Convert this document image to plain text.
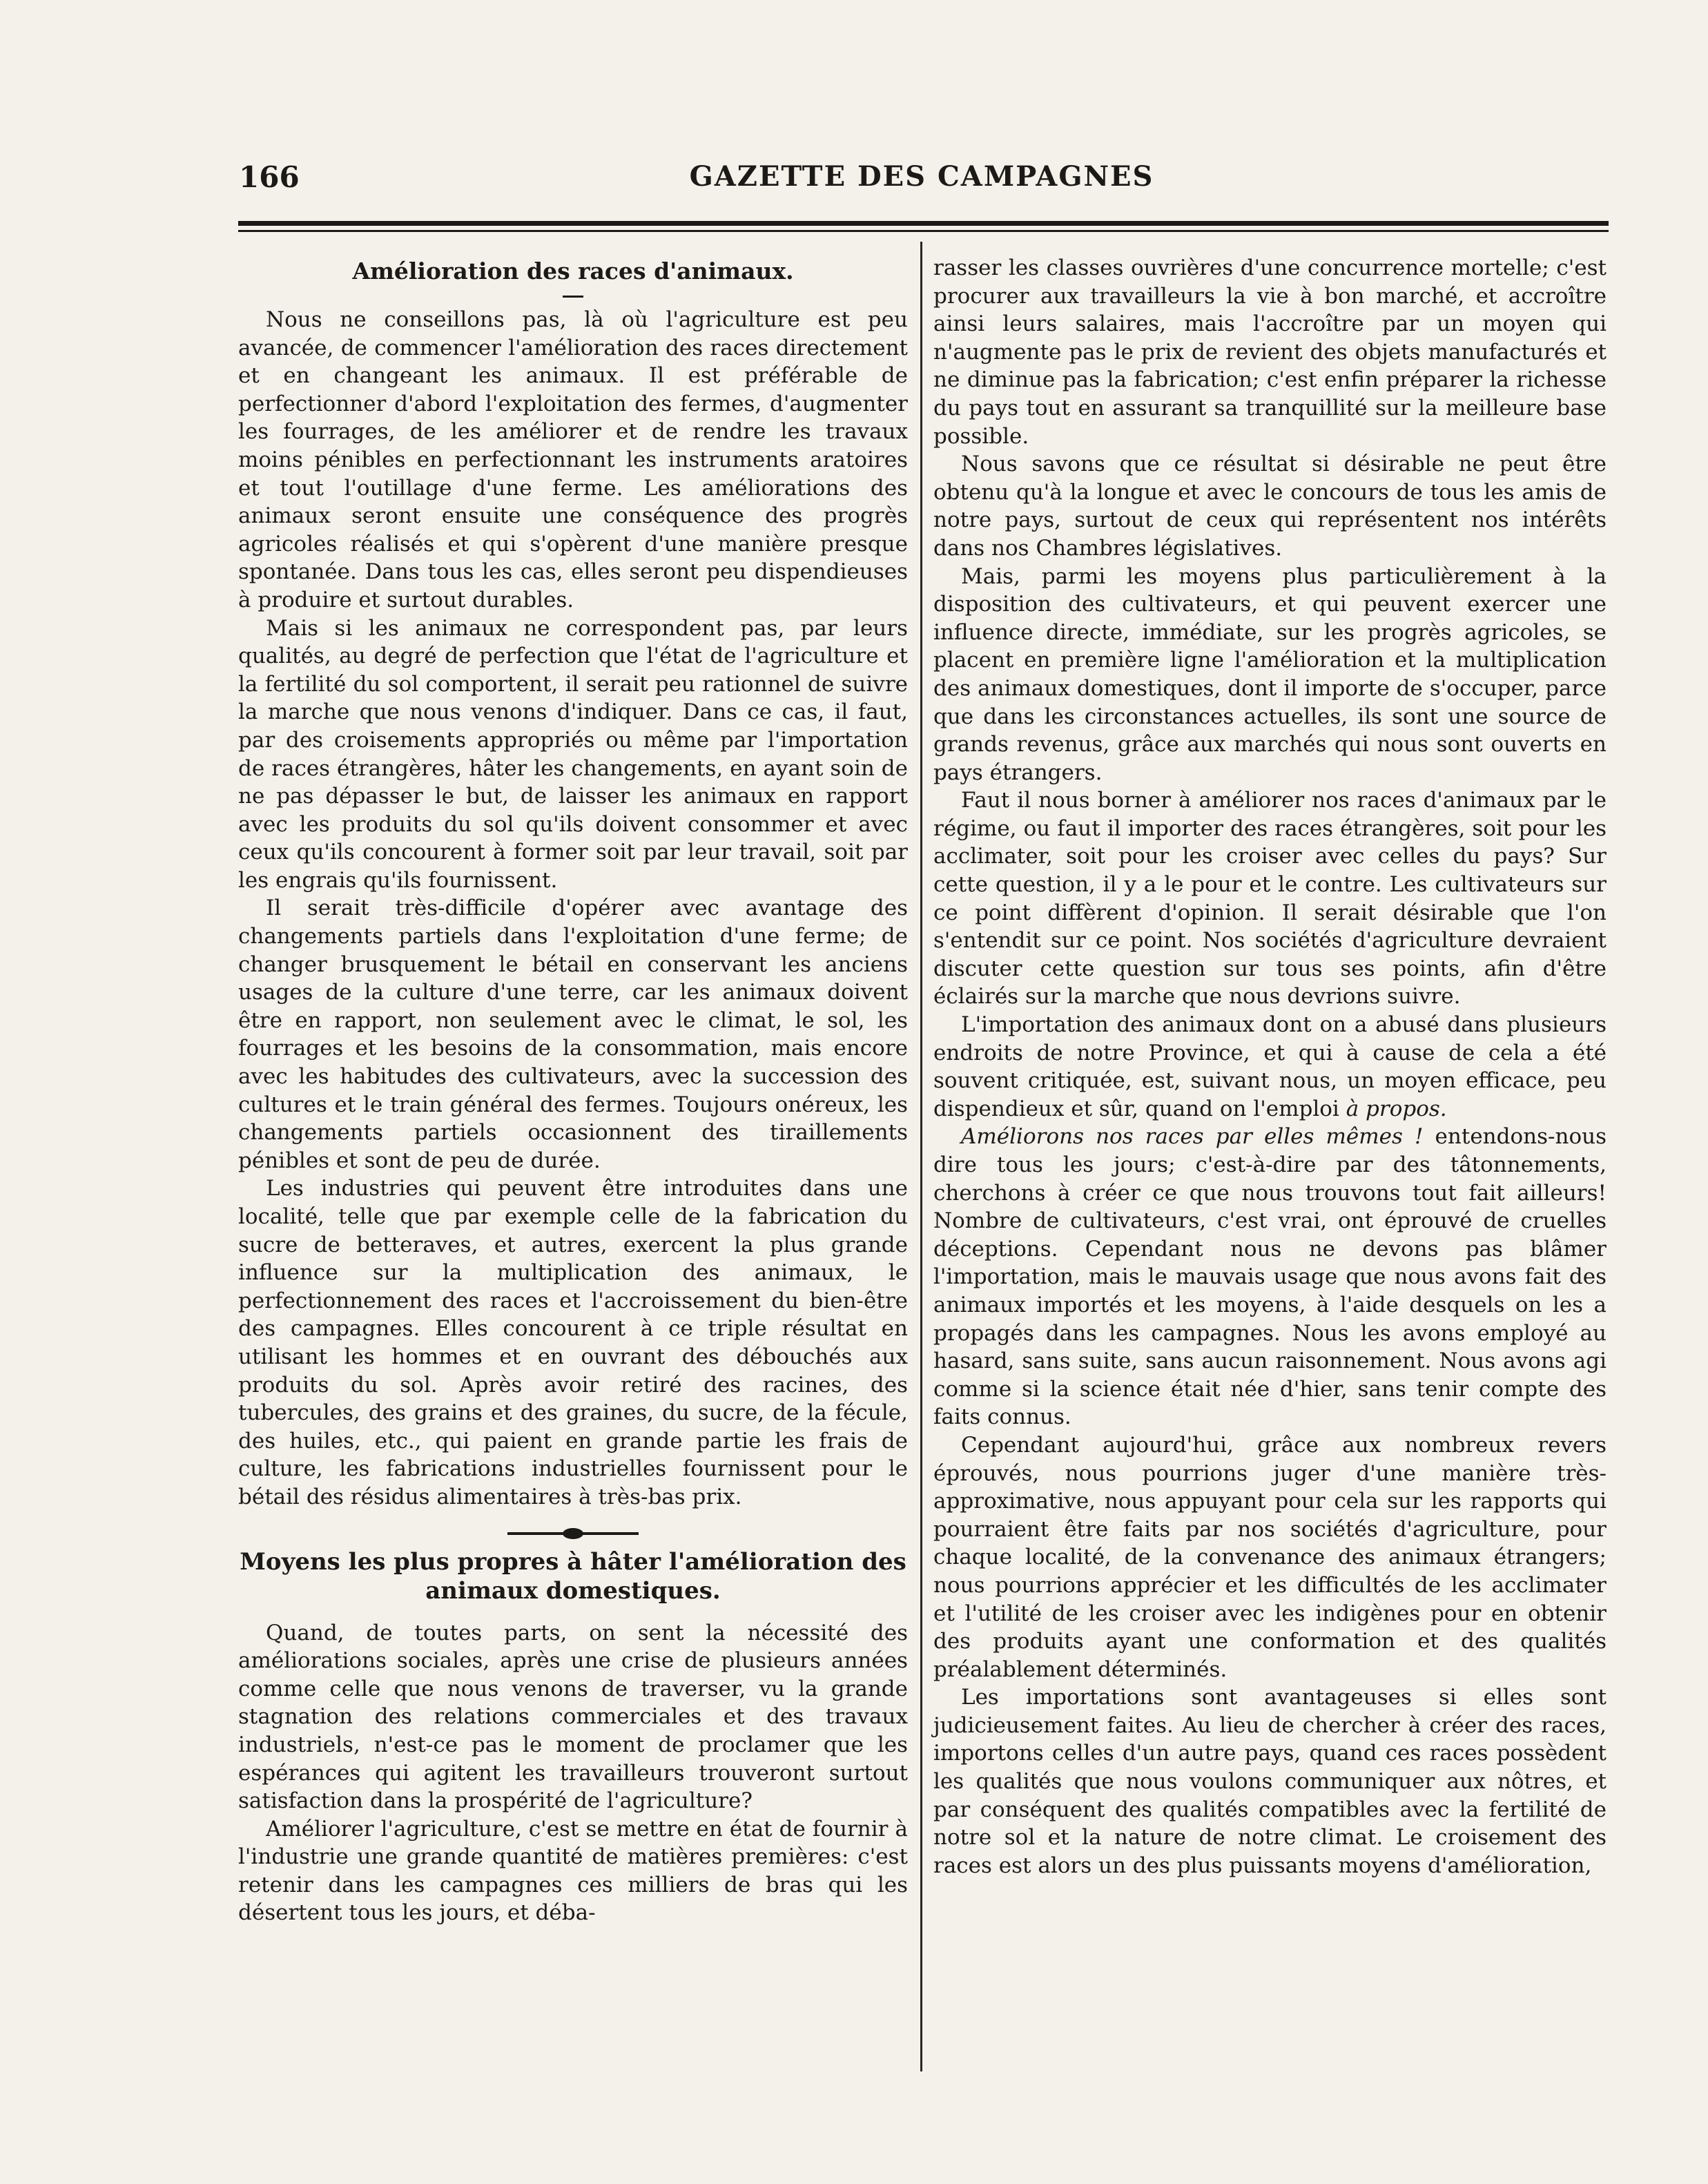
166	GAZETTE DES CAMPAGNES
Amélioration des races d'animaux.

Nous ne conseillons pas, là où l'agriculture est peu avancée, de commencer l'amélioration des races directement et en changeant les animaux. Il est préférable de perfectionner d'abord l'exploitation des fermes, d'augmenter les fourrages, de les améliorer et de rendre les travaux moins pénibles en perfectionnant les instruments aratoires et tout l'outillage d'une ferme. Les améliorations des animaux seront ensuite une conséquence des progrès agricoles réalisés et qui s'opèrent d'une manière presque spontanée. Dans tous les cas, elles seront peu dispendieuses à produire et surtout durables.

Mais si les animaux ne correspondent pas, par leurs qualités, au degré de perfection que l'état de l'agriculture et la fertilité du sol comportent, il serait peu rationnel de suivre la marche que nous venons d'indiquer. Dans ce cas, il faut, par des croisements appropriés ou même par l'importation de races étrangères, hâter les changements, en ayant soin de ne pas dépasser le but, de laisser les animaux en rapport avec les produits du sol qu'ils doivent consommer et avec ceux qu'ils concourent à former soit par leur travail, soit par les engrais qu'ils fournissent.

Il serait très-difficile d'opérer avec avantage des changements partiels dans l'exploitation d'une ferme; de changer brusquement le bétail en conservant les anciens usages de la culture d'une terre, car les animaux doivent être en rapport, non seulement avec le climat, le sol, les fourrages et les besoins de la consommation, mais encore avec les habitudes des cultivateurs, avec la succession des cultures et le train général des fermes. Toujours onéreux, les changements partiels occasionnent des tiraillements pénibles et sont de peu de durée.

Les industries qui peuvent être introduites dans une localité, telle que par exemple celle de la fabrication du sucre de betteraves, et autres, exercent la plus grande influence sur la multiplication des animaux, le perfectionnement des races et l'accroissement du bien-être des campagnes. Elles concourent à ce triple résultat en utilisant les hommes et en ouvrant des débouchés aux produits du sol. Après avoir retiré des racines, des tubercules, des grains et des graines, du sucre, de la fécule, des huiles, etc., qui paient en grande partie les frais de culture, les fabrications industrielles fournissent pour le bétail des résidus alimentaires à très-bas prix.

Moyens les plus propres à hâter l'amélioration des animaux domestiques.

Quand, de toutes parts, on sent la nécessité des améliorations sociales, après une crise de plusieurs années comme celle que nous venons de traverser, vu la grande stagnation des relations commerciales et des travaux industriels, n'est-ce pas le moment de proclamer que les espérances qui agitent les travailleurs trouveront surtout satisfaction dans la prospérité de l'agriculture?

Améliorer l'agriculture, c'est se mettre en état de fournir à l'industrie une grande quantité de matières premières: c'est retenir dans les campagnes ces milliers de bras qui les désertent tous les jours, et déba-

rasser les classes ouvrières d'une concurrence mortelle; c'est procurer aux travailleurs la vie à bon marché, et accroître ainsi leurs salaires, mais l'accroître par un moyen qui n'augmente pas le prix de revient des objets manufacturés et ne diminue pas la fabrication; c'est enfin préparer la richesse du pays tout en assurant sa tranquillité sur la meilleure base possible.

Nous savons que ce résultat si désirable ne peut être obtenu qu'à la longue et avec le concours de tous les amis de notre pays, surtout de ceux qui représentent nos intérêts dans nos Chambres législatives.

Mais, parmi les moyens plus particulièrement à la disposition des cultivateurs, et qui peuvent exercer une influence directe, immédiate, sur les progrès agricoles, se placent en première ligne l'amélioration et la multiplication des animaux domestiques, dont il importe de s'occuper, parce que dans les circonstances actuelles, ils sont une source de grands revenus, grâce aux marchés qui nous sont ouverts en pays étrangers.

Faut il nous borner à améliorer nos races d'animaux par le régime, ou faut il importer des races étrangères, soit pour les acclimater, soit pour les croiser avec celles du pays? Sur cette question, il y a le pour et le contre. Les cultivateurs sur ce point diffèrent d'opinion. Il serait désirable que l'on s'entendit sur ce point. Nos sociétés d'agriculture devraient discuter cette question sur tous ses points, afin d'être éclairés sur la marche que nous devrions suivre.

L'importation des animaux dont on a abusé dans plusieurs endroits de notre Province, et qui à cause de cela a été souvent critiquée, est, suivant nous, un moyen efficace, peu dispendieux et sûr, quand on l'emploi à propos.

Améliorons nos races par elles mêmes ! entendons-nous dire tous les jours; c'est-à-dire par des tâtonnements, cherchons à créer ce que nous trouvons tout fait ailleurs! Nombre de cultivateurs, c'est vrai, ont éprouvé de cruelles déceptions. Cependant nous ne devons pas blâmer l'importation, mais le mauvais usage que nous avons fait des animaux importés et les moyens, à l'aide desquels on les a propagés dans les campagnes. Nous les avons employé au hasard, sans suite, sans aucun raisonnement. Nous avons agi comme si la science était née d'hier, sans tenir compte des faits connus.

Cependant aujourd'hui, grâce aux nombreux revers éprouvés, nous pourrions juger d'une manière très-approximative, nous appuyant pour cela sur les rapports qui pourraient être faits par nos sociétés d'agriculture, pour chaque localité, de la convenance des animaux étrangers; nous pourrions apprécier et les difficultés de les acclimater et l'utilité de les croiser avec les indigènes pour en obtenir des produits ayant une conformation et des qualités préalablement déterminés.

Les importations sont avantageuses si elles sont judicieusement faites. Au lieu de chercher à créer des races, importons celles d'un autre pays, quand ces races possèdent les qualités que nous voulons communiquer aux nôtres, et par conséquent des qualités compatibles avec la fertilité de notre sol et la nature de notre climat. Le croisement des races est alors un des plus puissants moyens d'amélioration,
